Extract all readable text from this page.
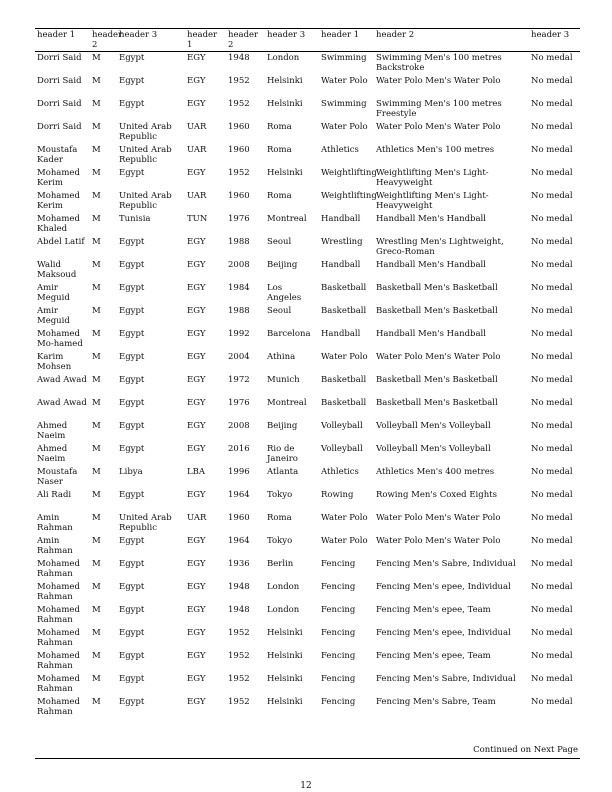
header 1	header 2	header 3	header 1	header 2	header 3	header 1	header 2	header 3
Dorri Said	M	Egypt	EGY	1948	London	Swimming	Swimming Men's 100 metres Backstroke	No medal
Dorri Said	M	Egypt	EGY	1952	Helsinki	Water Polo	Water Polo Men's Water Polo	No medal
Dorri Said	M	Egypt	EGY	1952	Helsinki	Swimming	Swimming Men's 100 metres Freestyle	No medal
Dorri Said	M	United Arab Republic	UAR	1960	Roma	Water Polo	Water Polo Men's Water Polo	No medal
Moustafa Kader	M	United Arab Republic	UAR	1960	Roma	Athletics	Athletics Men's 100 metres	No medal
Mohamed Kerim	M	Egypt	EGY	1952	Helsinki	Weightlifting	Weightlifting Men's Light-Heavyweight	No medal
Mohamed Kerim	M	United Arab Republic	UAR	1960	Roma	Weightlifting	Weightlifting Men's Light-Heavyweight	No medal
Mohamed Khaled	M	Tunisia	TUN	1976	Montreal	Handball	Handball Men's Handball	No medal
Abdel Latif	M	Egypt	EGY	1988	Seoul	Wrestling	Wrestling Men's Lightweight, Greco-Roman	No medal
Walid Maksoud	M	Egypt	EGY	2008	Beijing	Handball	Handball Men's Handball	No medal
Amir Meguid	M	Egypt	EGY	1984	Los Angeles	Basketball	Basketball Men's Basketball	No medal
Amir Meguid	M	Egypt	EGY	1988	Seoul	Basketball	Basketball Men's Basketball	No medal
Mohamed Mo-hamed	M	Egypt	EGY	1992	Barcelona	Handball	Handball Men's Handball	No medal
Karim Mohsen	M	Egypt	EGY	2004	Athina	Water Polo	Water Polo Men's Water Polo	No medal
Awad Awad	M	Egypt	EGY	1972	Munich	Basketball	Basketball Men's Basketball	No medal
Awad Awad	M	Egypt	EGY	1976	Montreal	Basketball	Basketball Men's Basketball	No medal
Ahmed Naeim	M	Egypt	EGY	2008	Beijing	Volleyball	Volleyball Men's Volleyball	No medal
Ahmed Naeim	M	Egypt	EGY	2016	Rio de Janeiro	Volleyball	Volleyball Men's Volleyball	No medal
Moustafa Naser	M	Libya	LBA	1996	Atlanta	Athletics	Athletics Men's 400 metres	No medal
Ali Radi	M	Egypt	EGY	1964	Tokyo	Rowing	Rowing Men's Coxed Eights	No medal
Amin Rahman	M	United Arab Republic	UAR	1960	Roma	Water Polo	Water Polo Men's Water Polo	No medal
Amin Rahman	M	Egypt	EGY	1964	Tokyo	Water Polo	Water Polo Men's Water Polo	No medal
Mohamed Rahman	M	Egypt	EGY	1936	Berlin	Fencing	Fencing Men's Sabre, Individual	No medal
Mohamed Rahman	M	Egypt	EGY	1948	London	Fencing	Fencing Men's epee, Individual	No medal
Mohamed Rahman	M	Egypt	EGY	1948	London	Fencing	Fencing Men's epee, Team	No medal
Mohamed Rahman	M	Egypt	EGY	1952	Helsinki	Fencing	Fencing Men's epee, Individual	No medal
Mohamed Rahman	M	Egypt	EGY	1952	Helsinki	Fencing	Fencing Men's epee, Team	No medal
Mohamed Rahman	M	Egypt	EGY	1952	Helsinki	Fencing	Fencing Men's Sabre, Individual	No medal
Mohamed Rahman	M	Egypt	EGY	1952	Helsinki	Fencing	Fencing Men's Sabre, Team	No medal
Continued on Next Page
12
